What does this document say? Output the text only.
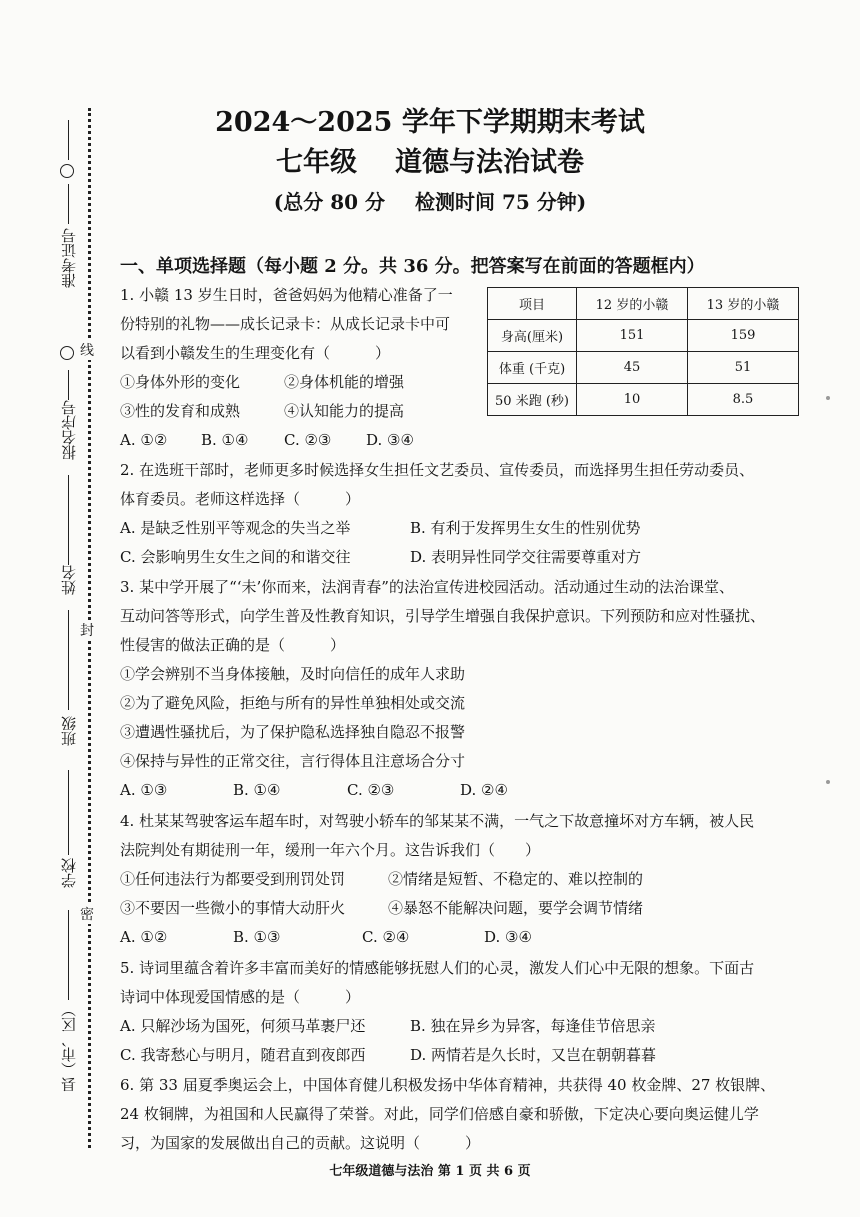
准考证号
线
报名序号
姓名
封
班级
学校
密
县（市、区）
2024～2025 学年下学期期末考试
七年级 道德与法治试卷
(总分 80 分 检测时间 75 分钟)
一、单项选择题（每小题 2 分。共 36 分。把答案写在前面的答题框内）
项目	12 岁的小赣	13 岁的小赣
身高(厘米)	151	159
体重 (千克)	45	51
50 米跑 (秒)	10	8.5
1. 小赣 13 岁生日时，爸爸妈妈为他精心准备了一
份特别的礼物——成长记录卡：从成长记录卡中可
以看到小赣发生的生理变化有（　　　）
①身体外形的变化	②身体机能的增强
③性的发育和成熟	④认知能力的提高
A. ①② B. ①④ C. ②③ D. ③④
2. 在选班干部时，老师更多时候选择女生担任文艺委员、宣传委员，而选择男生担任劳动委员、
体育委员。老师这样选择（　　　）
A. 是缺乏性别平等观念的失当之举	B. 有利于发挥男生女生的性别优势
C. 会影响男生女生之间的和谐交往	D. 表明异性同学交往需要尊重对方
3. 某中学开展了“‘未’你而来，法润青春”的法治宣传进校园活动。活动通过生动的法治课堂、
互动问答等形式，向学生普及性教育知识，引导学生增强自我保护意识。下列预防和应对性骚扰、
性侵害的做法正确的是（　　　）
①学会辨别不当身体接触，及时向信任的成年人求助
②为了避免风险，拒绝与所有的异性单独相处或交流
③遭遇性骚扰后，为了保护隐私选择独自隐忍不报警
④保持与异性的正常交往，言行得体且注意场合分寸
A. ①③	B. ①④	C. ②③	D. ②④
4. 杜某某驾驶客运车超车时，对驾驶小轿车的邹某某不满，一气之下故意撞坏对方车辆，被人民
法院判处有期徒刑一年，缓刑一年六个月。这告诉我们（　　）
①任何违法行为都要受到刑罚处罚	②情绪是短暂、不稳定的、难以控制的
③不要因一些微小的事情大动肝火	④暴怒不能解决问题，要学会调节情绪
A. ①②	B. ①③	C. ②④	D. ③④
5. 诗词里蕴含着许多丰富而美好的情感能够抚慰人们的心灵，激发人们心中无限的想象。下面古
诗词中体现爱国情感的是（　　　）
A. 只解沙场为国死，何须马革裹尸还	B. 独在异乡为异客，每逢佳节倍思亲
C. 我寄愁心与明月，随君直到夜郎西	D. 两情若是久长时，又岂在朝朝暮暮
6. 第 33 届夏季奥运会上，中国体育健儿积极发扬中华体育精神，共获得 40 枚金牌、27 枚银牌、
24 枚铜牌，为祖国和人民赢得了荣誉。对此，同学们倍感自豪和骄傲，下定决心要向奥运健儿学
习，为国家的发展做出自己的贡献。这说明（　　　）
七年级道德与法治 第 1 页 共 6 页
